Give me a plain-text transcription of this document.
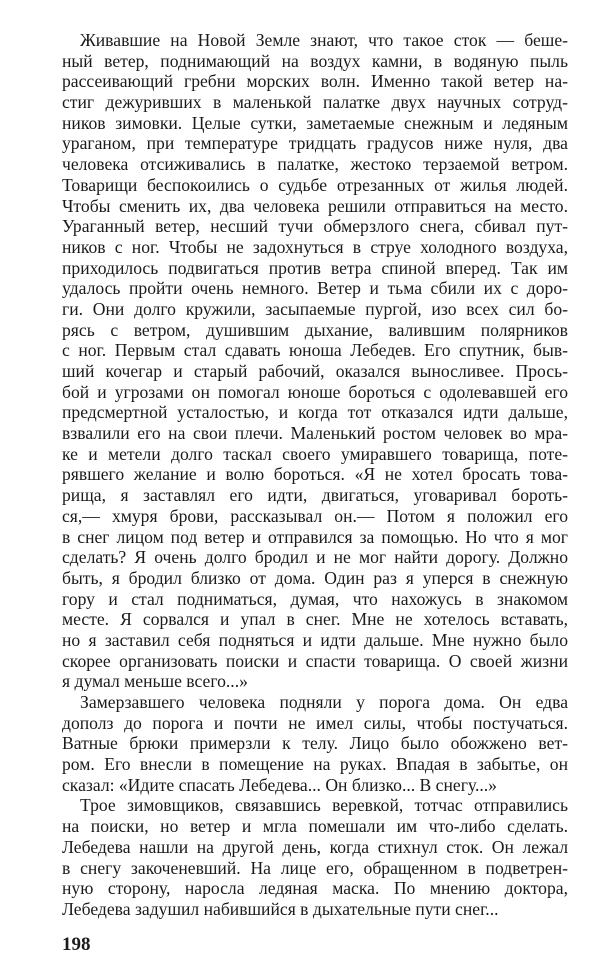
Живавшие на Новой Земле знают, что такое сток — беше-
ный ветер, поднимающий на воздух камни, в водяную пыль
рассеивающий гребни морских волн. Именно такой ветер на-
стиг дежуривших в маленькой палатке двух научных сотруд-
ников зимовки. Целые сутки, заметаемые снежным и ледяным
ураганом, при температуре тридцать градусов ниже нуля, два
человека отсиживались в палатке, жестоко терзаемой ветром.
Товарищи беспокоились о судьбе отрезанных от жилья людей.
Чтобы сменить их, два человека решили отправиться на место.
Ураганный ветер, несший тучи обмерзлого снега, сбивал пут-
ников с ног. Чтобы не задохнуться в струе холодного воздуха,
приходилось подвигаться против ветра спиной вперед. Так им
удалось пройти очень немного. Ветер и тьма сбили их с доро-
ги. Они долго кружили, засыпаемые пургой, изо всех сил бо-
рясь с ветром, душившим дыхание, валившим полярников
с ног. Первым стал сдавать юноша Лебедев. Его спутник, быв-
ший кочегар и старый рабочий, оказался выносливее. Прось-
бой и угрозами он помогал юноше бороться с одолевавшей его
предсмертной усталостью, и когда тот отказался идти дальше,
взвалили его на свои плечи. Маленький ростом человек во мра-
ке и метели долго таскал своего умиравшего товарища, поте-
рявшего желание и волю бороться. «Я не хотел бросать това-
рища, я заставлял его идти, двигаться, уговаривал бороть-
ся,— хмуря брови, рассказывал он.— Потом я положил его
в снег лицом под ветер и отправился за помощью. Но что я мог
сделать? Я очень долго бродил и не мог найти дорогу. Должно
быть, я бродил близко от дома. Один раз я уперся в снежную
гору и стал подниматься, думая, что нахожусь в знакомом
месте. Я сорвался и упал в снег. Мне не хотелось вставать,
но я заставил себя подняться и идти дальше. Мне нужно было
скорее организовать поиски и спасти товарища. О своей жизни
я думал меньше всего...»
Замерзавшего человека подняли у порога дома. Он едва
дополз до порога и почти не имел силы, чтобы постучаться.
Ватные брюки примерзли к телу. Лицо было обожжено вет-
ром. Его внесли в помещение на руках. Впадая в забытье, он
сказал: «Идите спасать Лебедева... Он близко... В снегу...»
Трое зимовщиков, связавшись веревкой, тотчас отправились
на поиски, но ветер и мгла помешали им что-либо сделать.
Лебедева нашли на другой день, когда стихнул сток. Он лежал
в снегу закоченевший. На лице его, обращенном в подветрен-
ную сторону, наросла ледяная маска. По мнению доктора,
Лебедева задушил набившийся в дыхательные пути снег...
198
